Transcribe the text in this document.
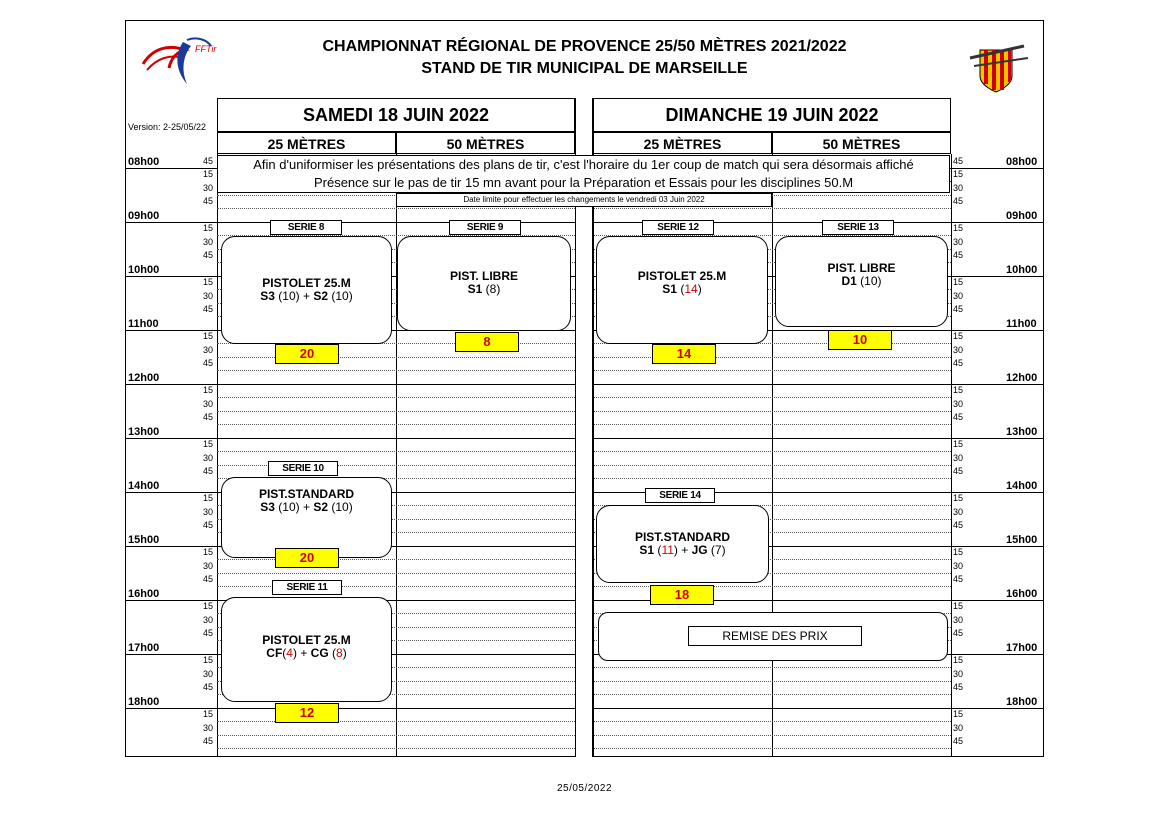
CHAMPIONNAT RÉGIONAL DE PROVENCE 25/50 MÈTRES 2021/2022
STAND DE TIR MUNICIPAL DE MARSEILLE
FFTir
Version: 2-25/05/22
SAMEDI 18 JUIN 2022	DIMANCHE 19 JUIN 2022
25 MÈTRES	50 MÈTRES	25 MÈTRES	50 MÈTRES
45	45
08h00	08h00
15	15
30	30
45	45
09h00	09h00
15	15
30	30
45	45
10h00	10h00
15	15
30	30
45	45
11h00	11h00
15	15
30	30
45	45
12h00	12h00
15	15
30	30
45	45
13h00	13h00
15	15
30	30
45	45
14h00	14h00
15	15
30	30
45	45
15h00	15h00
15	15
30	30
45	45
16h00	16h00
15	15
30	30
45	45
17h00	17h00
15	15
30	30
45	45
18h00	18h00
15	15
30	30
45	45
Afin d'uniformiser les présentations des plans de tir, c'est l'horaire du 1er coup de match qui sera désormais affiché
Présence sur le pas de tir 15 mn avant pour la Préparation et Essais pour les disciplines 50.M
Date limite pour effectuer les changements le vendredi 03 Juin 2022
SERIE 8
PISTOLET 25.M
S3 (10) + S2 (10)
20
SERIE 9
PIST. LIBRE
S1 (8)
8
SERIE 12
PISTOLET 25.M
S1 (14)
14
SERIE 13
PIST. LIBRE
D1 (10)
10
SERIE 10
PIST.STANDARD
S3 (10) + S2 (10)
20
SERIE 14
PIST.STANDARD
S1 (11) + JG (7)
18
SERIE 11
PISTOLET 25.M
CF(4) + CG (8)
12
REMISE DES PRIX
25/05/2022
